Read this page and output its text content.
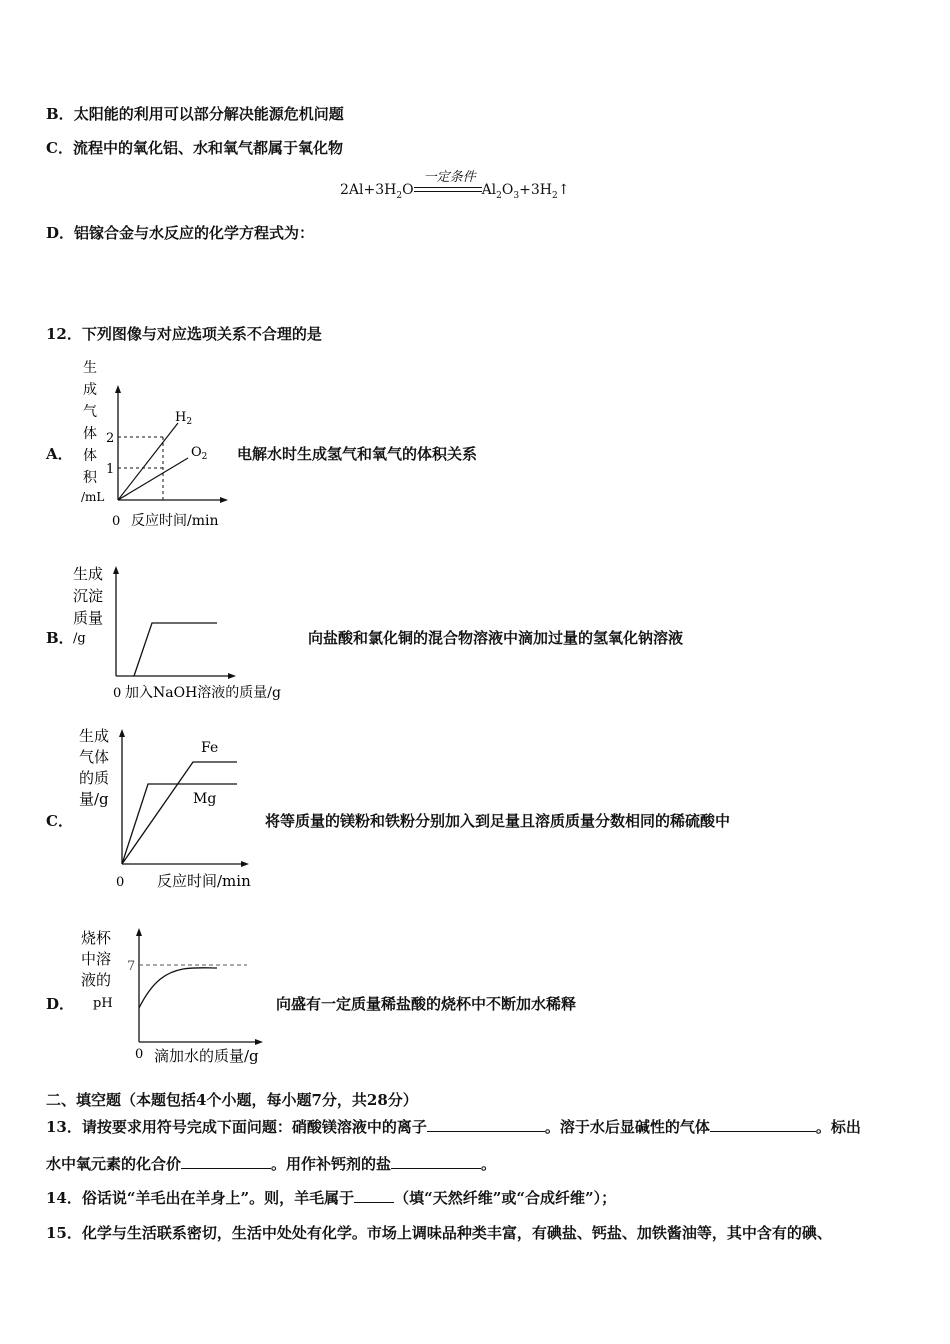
B．太阳能的利用可以部分解决能源危机问题
C．流程中的氧化铝、水和氧气都属于氧化物
$2Al+3H_2O$
一定条件
$Al_2O_3+3H_2↑$
D．铝镓合金与水反应的化学方程式为：
12．下列图像与对应选项关系不合理的是
A．
生
成
气
体
体
积
/mL
2
1
$H_2$
$O_2$
0 反应时间/min
电解水时生成氢气和氧气的体积关系
B．
生成
沉淀
质量
/g
0 加入NaOH溶液的质量/g
向盐酸和氯化铜的混合物溶液中滴加过量的氢氧化钠溶液
C．
生成
气体
的质
量/g
Fe
Mg
0 反应时间/min
将等质量的镁粉和铁粉分别加入到足量且溶质质量分数相同的稀硫酸中
D．
烧杯
中溶
液的
pH
7
0 滴加水的质量/g
向盛有一定质量稀盐酸的烧杯中不断加水稀释
二、填空题（本题包括4个小题，每小题7分，共28分）
13．请按要求用符号完成下面问题：硝酸镁溶液中的离子	。溶于水后显碱性的气体	。标出
水中氧元素的化合价	。用作补钙剂的盐	。
14．俗话说“羊毛出在羊身上”。则，羊毛属于	（填“天然纤维”或“合成纤维”）；
15．化学与生活联系密切，生活中处处有化学。市场上调味品种类丰富，有碘盐、钙盐、加铁酱油等，其中含有的碘、
